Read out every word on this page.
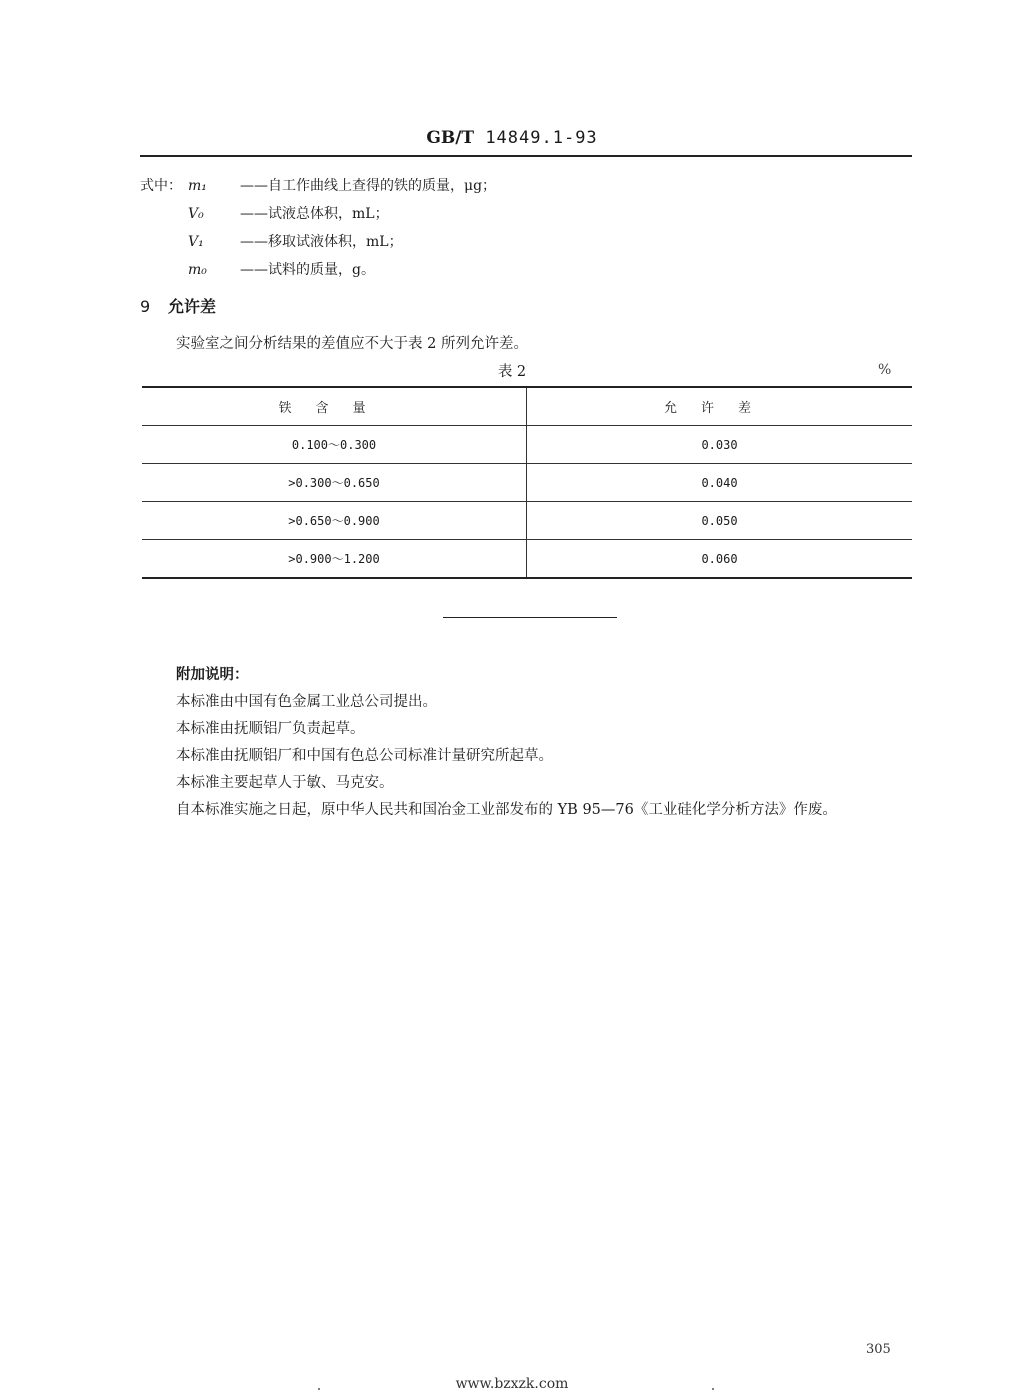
GB/T 14849.1-93
式中： m₁ ——自工作曲线上查得的铁的质量，μg；
V₀	——试液总体积，mL；
V₁	——移取试液体积，mL；
m₀ ——试料的质量，g。
9 允许差
实验室之间分析结果的差值应不大于表 2 所列允许差。
表 2	%
铁含量	允许差
0.100～0.300	0.030
>0.300～0.650	0.040
>0.650～0.900	0.050
>0.900～1.200	0.060
附加说明：
本标准由中国有色金属工业总公司提出。
本标准由抚顺铝厂负责起草。
本标准由抚顺铝厂和中国有色总公司标准计量研究所起草。
本标准主要起草人于敏、马克安。
自本标准实施之日起，原中华人民共和国冶金工业部发布的 YB 95—76《工业硅化学分析方法》作废。
305
www.bzxzk.com
